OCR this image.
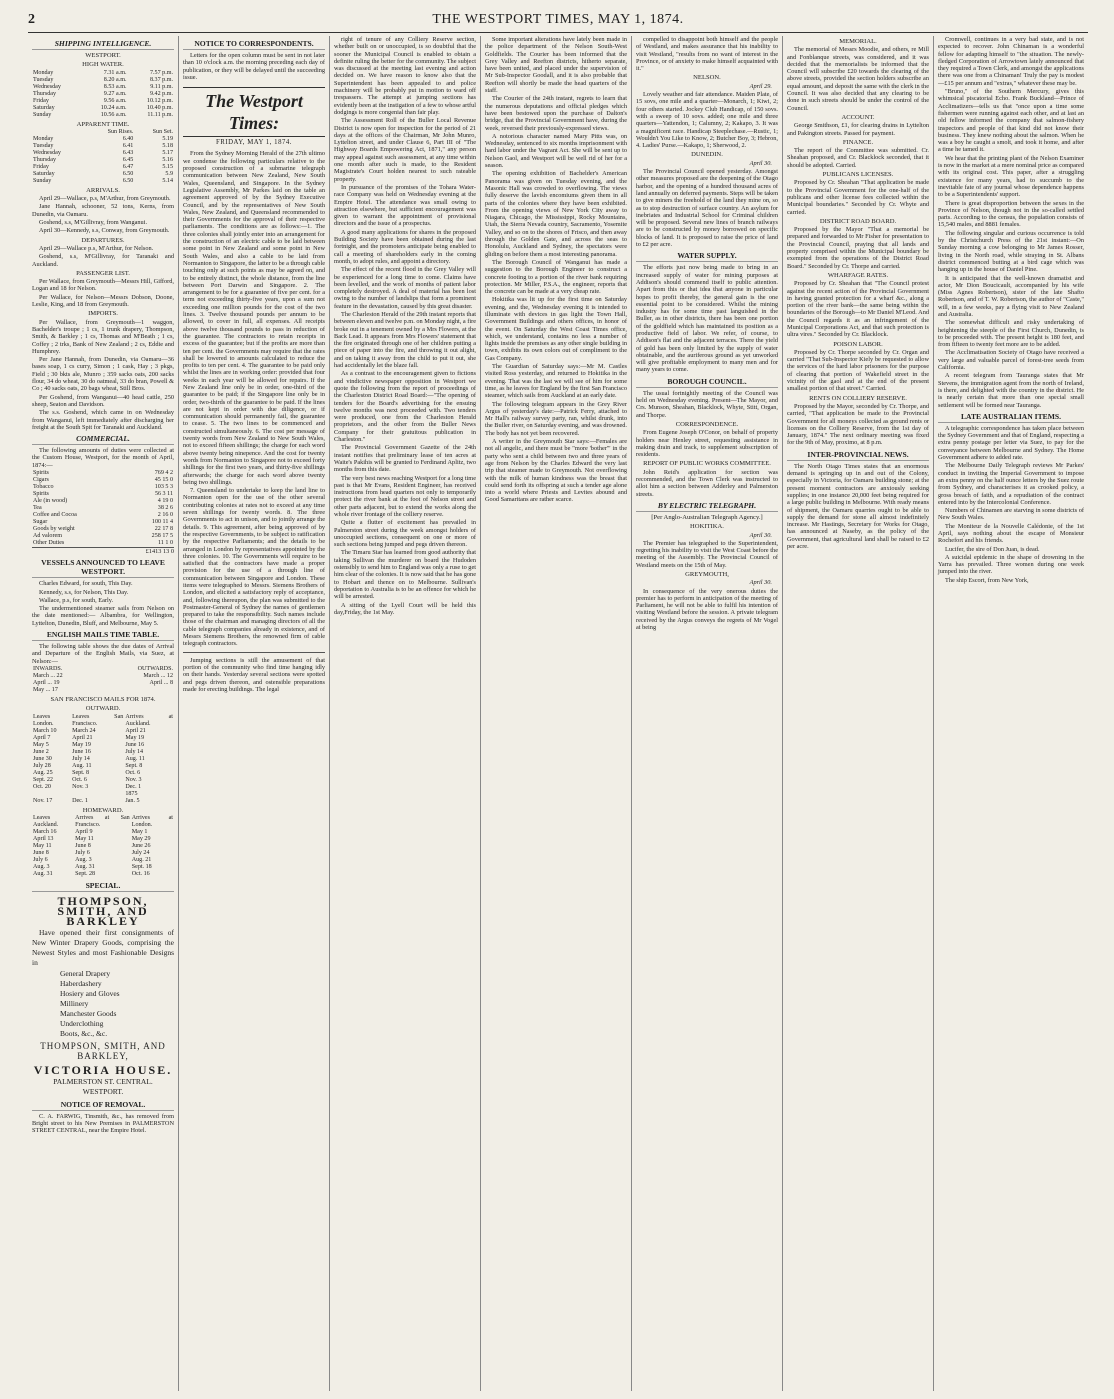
2	THE WESTPORT TIMES, MAY 1, 1874.
SHIPPING INTELLIGENCE.
WESTPORT.
HIGH WATER.
Monday	7.31 a.m.	7.57 p.m.
Tuesday	8.20 a.m.	8.37 p.m.
Wednesday	8.53 a.m.	9.11 p.m.
Thursday	9.27 a.m.	9.42 p.m.
Friday	9.56 a.m.	10.12 p.m.
Saturday	10.24 a.m.	10.40 p.m.
Sunday	10.56 a.m.	11.11 p.m.
APPARENT TIME.
	Sun Rises.	Sun Set.
Monday	6.40	5.19
Tuesday	6.41	5.18
Wednesday	6.43	5.17
Thursday	6.45	5.16
Friday	6.47	5.15
Saturday	6.50	5.9
Sunday	6.50	5.14
ARRIVALS.

April 29—Wallace, p.s, M'Arthur, from Greymouth.

Jane Hannah, schooner, 52 tons, Kerns, from Dunedin, via Oamaru.

Goshend, s.s, M'Gillivray, from Wanganui.

April 30—Kennedy, s.s, Conway, from Greymouth.

DEPARTURES.

April 29—Wallace p.s, M'Arthur, for Nelson.

Goshend, s.s, M'Gillivray, for Taranaki and Auckland.

PASSENGER LIST.

Per Wallace, from Greymouth—Messrs Hill, Gifford, Logan and 18 for Nelson.

Per Wallace, for Nelson—Messrs Dobson, Doone, Leslie, King, and 18 from Greymouth.

IMPORTS.

Per Wallace, from Greymouth—1 waggon, Bachelder's troupe ; 1 cs, 1 trunk drapery, Thompson, Smith, & Barkley ; 1 cs, Thomas and M'Beath ; 1 cs, Coffey ; 2 trks, Bank of New Zealand ; 2 cs, Eddie and Humphrey.

Per Jane Hannah, from Dunedin, via Oamaru—36 bases soap, 1 cs curry, Simon ; 1 cask, Hay ; 3 pkgs, Field ; 30 bkts ale, Munro ; 359 sacks oats, 200 sacks flour, 34 do wheat, 30 do oatmeal, 33 do bran, Powell & Co ; 40 sacks oats, 20 bags wheat, Still Bros.

Per Goshend, from Wanganui—40 head cattle, 250 sheep, Seaton and Davidson.

The s.s. Goshend, which came in on Wednesday from Wanganui, left immediately after discharging her freight at the South Spit for Taranaki and Auckland.

COMMERCIAL.

The following amounts of duties were collected at the Custom House, Westport, for the month of April, 1874:—

Spirits	769 4 2
Cigars	45 15 0
Tobacco	103 5 3
Spirits	56 3 11
Ale (in wood)	4 19 0
Tea	38 2 6
Coffee and Cocoa	2 16 0
Sugar	100 11 4
Goods by weight	22 17 8
Ad valorem	258 17 5
Other Duties	11 1 0
£1413 13 0
VESSELS ANNOUNCED TO LEAVE WESTPORT.

Charles Edward, for south, This Day.

Kennedy, s.s, for Nelson, This Day.

Wallace, p.s, for south, Early.

The undermentioned steamer sails from Nelson on the date mentioned:— Albambra, for Wellington, Lyttelton, Dunedin, Bluff, and Melbourne, May 5.

ENGLISH MAILS TIME TABLE.

The following table shows the due dates of Arrival and Departure of the English Mails, via Suez, at Nelson:—

INWARDS.	OUTWARDS.
March ... 22	March ... 12
April ... 19	April ... 8
May ... 17	
SAN FRANCISCO MAILS FOR 1874.
OUTWARD.
Leaves London.	Leaves San Francisco.	Arrives at Auckland.
March 10	March 24	April 21
April 7	April 21	May 19
May 5	May 19	June 16
June 2	June 16	July 14
June 30	July 14	Aug. 11
July 28	Aug. 11	Sept. 8
Aug. 25	Sept. 8	Oct. 6
Sept. 22	Oct. 6	Nov. 3
Oct. 20	Nov. 3	Dec. 1
		1875
Nov. 17	Dec. 1	Jan. 5
HOMEWARD.
Leaves Auckland.	Arrives at San Francisco.	Arrives at London.
March 16	April 9	May 1
April 13	May 11	May 29
May 11	June 8	June 26
June 8	July 6	July 24
July 6	Aug. 3	Aug. 21
Aug. 3	Aug. 31	Sept. 18
Aug. 31	Sept. 28	Oct. 16
SPECIAL.
THOMPSON, SMITH, AND BARKLEY

Have opened their first consignments of New Winter Drapery Goods, comprising the Newest Styles and most Fashionable Designs in

General Drapery
Haberdashery
Hosiery and Gloves
Millinery
Manchester Goods
Underclothing
Boots, &c., &c.
THOMPSON, SMITH, AND BARKLEY,
VICTORIA HOUSE.
PALMERSTON ST. CENTRAL.
WESTPORT.
NOTICE OF REMOVAL.

C. A. FARWIG, Tinsmith, &c., has removed from Bright street to his New Premises in PALMERSTON STREET CENTRAL, near the Empire Hotel.

NOTICE TO CORRESPONDENTS.

Letters for the open column must be sent in not later than 10 o'clock a.m. the morning preceding each day of publication, or they will be delayed until the succeeding issue.

The Westport Times:
FRIDAY, MAY 1, 1874.

From the Sydney Morning Herald of the 27th ultimo we condense the following particulars relative to the proposed construction of a submarine telegraph communication between New Zealand, New South Wales, Queensland, and Singapore. In the Sydney Legislative Assembly, Mr Parkes laid on the table an agreement approved of by the Sydney Executive Council, and by the representatives of New South Wales, New Zealand, and Queensland recommended to their Governments for the approval of their respective parliaments. The conditions are as follows:—1. The three colonies shall jointly enter into an arrangement for the construction of an electric cable to be laid between some point in New Zealand and some point in New South Wales, and also a cable to be laid from Normanton to Singapore, the latter to be a through cable touching only at such points as may be agreed on, and to be entirely distinct, the whole distance, from the line between Port Darwin and Singapore. 2. The arrangement to be for a guarantee of five per cent. for a term not exceeding thirty-five years, upon a sum not exceeding one million pounds for the cost of the two lines. 3. Twelve thousand pounds per annum to be allowed, to cover in full, all expenses. All receipts above twelve thousand pounds to pass in reduction of the guarantee. The contractors to retain receipts in excess of the guarantee; but if the profits are more than ten per cent. the Governments may require that the rates shall be lowered to amounts calculated to reduce the profits to ten per cent. 4. The guarantee to be paid only whilst the lines are in working order: provided that four weeks in each year will be allowed for repairs. If the New Zealand line only be in order, one-third of the guarantee to be paid; if the Singapore line only be in order, two-thirds of the guarantee to be paid. If the lines are not kept in order with due diligence, or if communication should permanently fail, the guarantee to cease. 5. The two lines to be commenced and constructed simultaneously. 6. The cost per message of twenty words from New Zealand to New South Wales, not to exceed fifteen shillings; the charge for each word above twenty being ninepence. And the cost for twenty words from Normanton to Singapore not to exceed forty shillings for the first two years, and thirty-five shillings afterwards; the charge for each word above twenty being two shillings.

7. Queensland to undertake to keep the land line to Normanton open for the use of the other several contributing colonies at rates not to exceed at any time seven shillings for twenty words. 8. The three Governments to act in unison, and to jointly arrange the details. 9. This agreement, after being approved of by the respective Governments, to be subject to ratification by the respective Parliaments; and the details to be arranged in London by representatives appointed by the three colonies. 10. The Governments will require to be satisfied that the contractors have made a proper provision for the use of a through line of communication between Singapore and London. These items were telegraphed to Messrs. Siemens Brothers of London, and elicited a satisfactory reply of acceptance, and, following thereupon, the plan was submitted to the Postmaster-General of Sydney the names of gentlemen prepared to take the responsibility. Such names include those of the chairman and managing directors of all the cable telegraph companies already in existence, and of Messrs Siemens Brothers, the renowned firm of cable telegraph contractors.

Jumping sections is still the amusement of that portion of the community who find time hanging idly on their hands. Yesterday several sections were spotted and pegs driven thereon, and ostensible preparations made for erecting buildings. The legal

right of tenure of any Colliery Reserve section, whether built on or unoccupied, is so doubtful that the sooner the Municipal Council is enabled to obtain a definite ruling the better for the community. The subject was discussed at the meeting last evening and action decided on. We have reason to know also that the Superintendent has been appealed to and police machinery will be probably put in motion to ward off trespassers. The attempt at jumping sections has evidently been at the instigation of a few to whose artful dodgings is more congenial than fair play.

The Assessment Roll of the Buller Local Revenue District is now open for inspection for the period of 21 days at the offices of the Chairman, Mr John Munro, Lyttelton street, and under Clause 6, Part III of "The Highway Boards Empowering Act, 1871," any person may appeal against such assessment, at any time within one month after such is made, to the Resident Magistrate's Court holden nearest to such rateable property.

In pursuance of the promises of the Tohara Water-race Company was held on Wednesday evening at the Empire Hotel. The attendance was small owing to attraction elsewhere, but sufficient encouragement was given to warrant the appointment of provisional directors and the issue of a prospectus.

A good many applications for shares in the proposed Building Society have been obtained during the last fortnight, and the promoters anticipate being enabled to call a meeting of shareholders early in the coming month, to adopt rules, and appoint a directory.

The effect of the recent flood in the Grey Valley will be experienced for a long time to come. Claims have been levelled, and the work of months of patient labor completely destroyed. A deal of material has been lost owing to the number of landslips that form a prominent feature in the devastation, caused by this great disaster.

The Charleston Herald of the 29th instant reports that between eleven and twelve p.m. on Monday night, a fire broke out in a tenement owned by a Mrs Flowers, at the Back Lead. It appears from Mrs Flowers' statement that the fire originated through one of her children putting a piece of paper into the fire, and throwing it out alight, and on taking it away from the child to put it out, she had accidentally let the blaze fall.

As a contrast to the encouragement given to fictions and vindictive newspaper opposition in Westport we quote the following from the report of proceedings of the Charleston District Road Board:—"The opening of tenders for the Board's advertising for the ensuing twelve months was next proceeded with. Two tenders were produced, one from the Charleston Herald proprietors, and the other from the Buller News Company for their gratuitous publication in Charleston."

The Provincial Government Gazette of the 24th instant notifies that preliminary lease of ten acres at Waite's Pakihis will be granted to Ferdinand Aplitz, two months from this date.

The very best news reaching Westport for a long time past is that Mr Evans, Resident Engineer, has received instructions from head quarters not only to temporarily protect the river bank at the foot of Nelson street and other parts adjacent, but to extend the works along the whole river frontage of the colliery reserve.

Quite a flutter of excitement has prevailed in Palmerston street during the week amongst holders of unoccupied sections, consequent on one or more of such sections being jumped and pegs driven thereon.

The Timaru Star has learned from good authority that taking Sullivan the murderer on board the Hudoden ostensibly to send him to England was only a ruse to get him clear of the colonies. It is now said that he has gone to Hobart and thence on to Melbourne. Sullivan's deportation to Australia is to be an offence for which he will be arrested.

A sitting of the Lyell Court will be held this day,Friday, the 1st May.

Some important alterations have lately been made in the police department of the Nelson South-West Goldfields. The Courier has been informed that the Grey Valley and Reefton districts, hitherto separate, have been united, and placed under the supervision of Mr Sub-Inspector Goodall, and it is also probable that Reefton will shortly be made the head quarters of the staff.

The Courier of the 24th instant, regrets to learn that the numerous deputations and official pledges which have been bestowed upon the purchase of Dalton's bridge, that the Provincial Government have, during the week, reversed their previously-expressed views.

A notorious character named Mary Pitts was, on Wednesday, sentenced to six months imprisonment with hard labor under the Vagrant Act. She will be sent up to Nelson Gaol, and Westport will be well rid of her for a season.

The opening exhibition of Bachelder's American Panorama was given on Tuesday evening, and the Masonic Hall was crowded to overflowing. The views fully deserve the lavish encomiums given them in all parts of the colonies where they have been exhibited. From the opening views of New York City away to Niagara, Chicago, the Mississippi, Rocky Mountains, Utah, the Sierra Nevada country, Sacramento, Yosemite Valley, and so on to the shores of Frisco, and then away through the Golden Gate, and across the seas to Honolulu, Auckland and Sydney, the spectators were gliding on before them a most interesting panorama.

The Borough Council of Wanganui has made a suggestion to the Borough Engineer to construct a concrete footing to a portion of the river bank requiring protection. Mr Miller, P.S.A., the engineer, reports that the concrete can be made at a very cheap rate.

Hokitika was lit up for the first time on Saturday evening, and the, Wednesday evening it is intended to illuminate with devices in gas light the Town Hall, Government Buildings and others offices, in honor of the event. On Saturday the West Coast Times office, which, we understand, contains no less a number of lights inside the premises as any other single building in town, exhibits its own colors out of compliment to the Gas Company.

The Guardian of Saturday says:—Mr M. Castles visited Ross yesterday, and returned to Hokitika in the evening. That was the last we will see of him for some time, as he leaves for England by the first San Francisco steamer, which sails from Auckland at an early date.

The following telegram appears in the Grey River Argus of yesterday's date:—Patrick Ferry, attached to Mr Hall's railway survey party, ran, whilst drunk, into the Buller river, on Saturday evening, and was drowned. The body has not yet been recovered.

A writer in the Greymouth Star says:—Females are not all angelic, and there must be "more 'bother'" in the party who sent a child between two and three years of age from Nelson by the Charles Edward the very last trip that steamer made to Greymouth. Not overflowing with the milk of human kindness was the breast that could send forth its offspring at such a tender age alone into a world where Priests and Levites abound and Good Samaritans are rather scarce.

compelled to disappoint both himself and the people of Westland, and makes assurance that his inability to visit Westland, "results from no want of interest in the Province, or of anxiety to make himself acquainted with it."

NELSON.
April 29.

Lovely weather and fair attendance. Maiden Plate, of 15 sovs, one mile and a quarter—Monarch, 1; Kiwi, 2; four others started. Jockey Club Handicap, of 150 sovs. with a sweep of 10 sovs. added; one mile and three quarters—Yattendon, 1; Calumny, 2; Kakapo, 3. It was a magnificent race. Handicap Steeplechase.—Rustic, 1; Wouldn't You Like to Know, 2; Butcher Boy, 3; Hebron, 4. Ladies' Purse.—Kakapo, 1; Sherwood, 2.

DUNEDIN.
April 30.

The Provincial Council opened yesterday. Amongst other measures proposed are the deepening of the Otago harbor, and the opening of a hundred thousand acres of land annually on deferred payments. Steps will be taken to give miners the freehold of the land they mine on, so as to stop destruction of surface country. An asylum for inebriates and Industrial School for Criminal children will be proposed. Several new lines of branch railways are to be constructed by money borrowed on specific blocks of land. It is proposed to raise the price of land to £2 per acre.

WATER SUPPLY.

The efforts just now being made to bring in an increased supply of water for mining purposes at Addison's should commend itself to public attention. Apart from this or that idea that anyone in particular hopes to profit thereby, the general gain is the one essential point to be considered. Whilst the mining industry has for some time past languished in the Buller, as in other districts, there has been one portion of the goldfield which has maintained its position as a productive field of labor. We refer, of course, to Addison's flat and the adjacent terraces. There the yield of gold has been only limited by the supply of water obtainable, and the auriferous ground as yet unworked will give profitable employment to many men and for many years to come.

BOROUGH COUNCIL.

The usual fortnightly meeting of the Council was held on Wednesday evening. Present—The Mayor, and Crs. Munson, Sheahan, Blacklock, Whyte, Stitt, Organ, and Thorpe.

CORRESPONDENCE.

From Eugene Joseph O'Conor, on behalf of property holders near Henley street, requesting assistance in making drain and track, to supplement subscription of residents.

REPORT OF PUBLIC WORKS COMMITTEE.

John Reid's application for section was recommended, and the Town Clerk was instructed to allot him a section between Adderley and Palmerston streets.

BY ELECTRIC TELEGRAPH.
[Per Anglo-Australian Telegraph Agency.]
HOKITIKA.
April 30.

The Premier has telegraphed to the Superintendent, regretting his inability to visit the West Coast before the meeting of the Assembly. The Provincial Council of Westland meets on the 15th of May.

GREYMOUTH,
April 30.

In consequence of the very onerous duties the premier has to perform in anticipation of the meeting of Parliament, he will not be able to fulfil his intention of visiting Westland before the session. A private telegram received by the Argus conveys the regrets of Mr Vogel at being

MEMORIAL.

The memorial of Messrs Moodie, and others, re Mill and Fonblanque streets, was considered, and it was decided that the memorialists be informed that the Council will subscribe £20 towards the clearing of the above streets, provided the section holders subscribe an equal amount, and deposit the same with the clerk in the Council. It was also decided that any clearing to be done in such streets should be under the control of the Council.

ACCOUNT.

George Smithson, £1, for clearing drains in Lyttelton and Pakington streets. Passed for payment.

FINANCE.

The report of the Committee was submitted. Cr. Sheahan proposed, and Cr. Blacklock seconded, that it should be adopted. Carried.

PUBLICANS LICENSES.

Proposed by Cr. Sheahan "That application be made to the Provincial Government for the one-half of the publicans and other license fees collected within the Municipal boundaries." Seconded by Cr. Whyte and carried.

DISTRICT ROAD BOARD.

Proposed by the Mayor "That a memorial be prepared and forwarded to Mr Fisher for presentation to the Provincial Council, praying that all lands and property comprised within the Municipal boundary be exempted from the operations of the District Road Board." Seconded by Cr. Thorpe and carried.

WHARFAGE RATES.

Proposed by Cr. Sheahan that "The Council protest against the recent action of the Provincial Government in having granted protection for a wharf &c., along a portion of the river bank—the same being within the boundaries of the Borough—to Mr Daniel M'Leod. And the Council regards it as an infringement of the Municipal Corporations Act, and that such protection is ultra vires." Seconded by Cr. Blacklock.

POISON LABOR.

Proposed by Cr. Thorpe seconded by Cr. Organ and carried "That Sub-Inspector Kiely be requested to allow the services of the hard labor prisoners for the purpose of clearing that portion of Wakefield street in the vicinity of the gaol and at the end of the present smallest portion of that street." Carried.

RENTS ON COLLIERY RESERVE.

Proposed by the Mayor, seconded by Cr. Thorpe, and carried, "That application be made to the Provincial Government for all moneys collected as ground rents or licenses on the Colliery Reserve, from the 1st day of January, 1874." The next ordinary meeting was fixed for the 9th of May, proximo, at 8 p.m.

INTER-PROVINCIAL NEWS.

The North Otago Times states that an enormous demand is springing up in and out of the Colony, especially in Victoria, for Oamaru building stone; at the present moment contractors are anxiously seeking supplies; in one instance 20,000 feet being required for a large public building in Melbourne. With ready means of shipment, the Oamaru quarries ought to be able to supply the demand for stone all almost indefinitely increase. Mr Hastings, Secretary for Works for Otago, has announced at Naseby, as the policy of the Government, that agricultural land shall be raised to £2 per acre.

Cromwell, continues in a very bad state, and is not expected to recover. John Chinaman is a wonderful fellow for adapting himself to "the situation. The newly-fledged Corporation of Arrowtown lately announced that they required a Town Clerk, and amongst the applications there was one from a Chinaman! Truly the pay is modest—£15 per annum and "extras," whatever these may be.

"Bruno," of the Southern Mercury, gives this whimsical piscatorial Echo. Frank Buckland—Prince of Acclimatizers—tells us that "once upon a time some fishermen were running against each other, and at last an old fellow informed the company that salmon-fishery inspectors and people of that kind did not know their business. They knew nothing about the salmon. When he was a boy he caught a smolt, and took it home, and after a time he tamed it.

We hear that the printing plant of the Nelson Examiner is now in the market at a mere nominal price as compared with its original cost. This paper, after a struggling existence for many years, had to succumb to the inevitable fate of any journal whose dependence happens to be a Superintendents' support.

There is great disproportion between the sexes in the Province of Nelson, though not in the so-called settled parts. According to the census, the population consists of 15,540 males, and 8881 females.

The following singular and curious occurrence is told by the Christchurch Press of the 21st instant:—On Sunday morning a cow belonging to Mr James Rosser, living in the North road, while straying in St. Albans district commenced butting at a bird cage which was hanging up in the house of Daniel Pine.

It is anticipated that the well-known dramatist and actor, Mr Dion Boucicault, accompanied by his wife (Miss Agnes Robertson), sister of the late Shafto Robertson, and of T. W. Robertson, the author of "Caste," will, in a few weeks, pay a flying visit to New Zealand and Australia.

The somewhat difficult and risky undertaking of heightening the steeple of the First Church, Dunedin, is to be proceeded with. The present height is 180 feet, and from fifteen to twenty feet more are to be added.

The Acclimatisation Society of Otago have received a very large and valuable parcel of forest-tree seeds from California.

A recent telegram from Tauranga states that Mr Stevens, the immigration agent from the north of Ireland, is there, and delighted with the country in the district. He is nearly certain that more than one special small settlement will be formed near Tauranga.

LATE AUSTRALIAN ITEMS.

A telegraphic correspondence has taken place between the Sydney Government and that of England, respecting a extra penny postage per letter via Suez, to pay for the conveyance between Melbourne and Sydney. The Home Government adhere to added rate.

The Melbourne Daily Telegraph reviews Mr Parkes' conduct in inviting the Imperial Government to impose an extra penny on the half ounce letters by the Suez route from Sydney, and characterises it as crooked policy, a gross breach of faith, and a repudiation of the contract entered into by the Intercolonial Conference.

Numbers of Chinamen are starving in some districts of New South Wales.

The Moniteur de la Nouvelle Calédonie, of the 1st April, says nothing about the escape of Monsieur Rochefort and his friends.

Lucifer, the sire of Don Juan, is dead.

A suicidal epidemic in the shape of drowning in the Yarra has prevailed. Three women during one week jumped into the river.

The ship Escort, from New York,
